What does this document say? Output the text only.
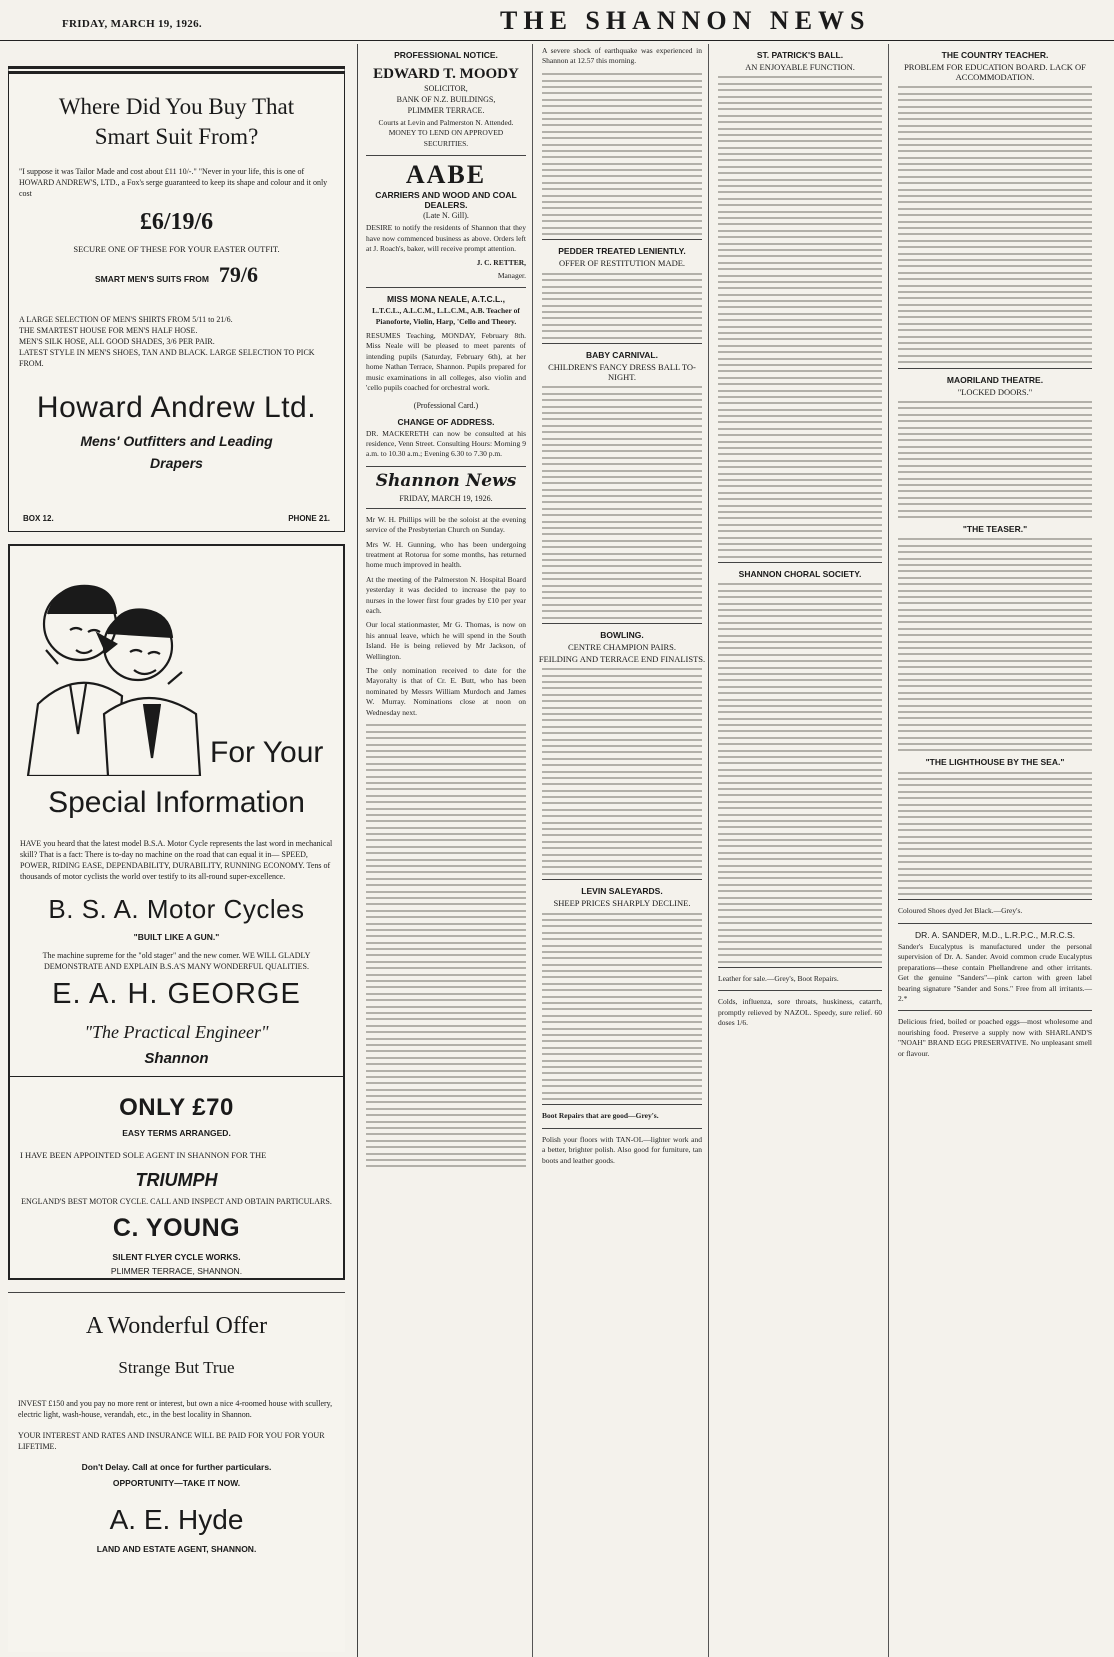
FRIDAY, MARCH 19, 1926.	THE SHANNON NEWS
Where Did You Buy That Smart Suit From?
"I suppose it was Tailor Made and cost about £11 10/-." "Never in your life, this is one of HOWARD ANDREW'S, LTD., a Fox's serge guaranteed to keep its shape and colour and it only cost
£6/19/6
SECURE ONE OF THESE FOR YOUR EASTER OUTFIT.
SMART MEN'S SUITS FROM 79/6
A LARGE SELECTION OF MEN'S SHIRTS FROM 5/11 to 21/6.
THE SMARTEST HOUSE FOR MEN'S HALF HOSE.
MEN'S SILK HOSE, ALL GOOD SHADES, 3/6 PER PAIR.
LATEST STYLE IN MEN'S SHOES, TAN AND BLACK. LARGE SELECTION TO PICK FROM.
Howard Andrew Ltd.
Mens' Outfitters and Leading
Drapers
BOX 12.	PHONE 21.
For Your
Special Information
HAVE you heard that the latest model B.S.A. Motor Cycle represents the last word in mechanical skill? That is a fact: There is to-day no machine on the road that can equal it in— SPEED, POWER, RIDING EASE, DEPENDABILITY, DURABILITY, RUNNING ECONOMY. Tens of thousands of motor cyclists the world over testify to its all-round super-excellence.
B. S. A. Motor Cycles
"BUILT LIKE A GUN."
The machine supreme for the "old stager" and the new comer. WE WILL GLADLY DEMONSTRATE AND EXPLAIN B.S.A'S MANY WONDERFUL QUALITIES.
E. A. H. GEORGE
"The Practical Engineer"
Shannon
ONLY £70
EASY TERMS ARRANGED.
I HAVE BEEN APPOINTED SOLE AGENT IN SHANNON FOR THE
TRIUMPH
ENGLAND'S BEST MOTOR CYCLE. CALL AND INSPECT AND OBTAIN PARTICULARS.
C. YOUNG
SILENT FLYER CYCLE WORKS.
PLIMMER TERRACE, SHANNON.
A Wonderful Offer
Strange But True
INVEST £150 and you pay no more rent or interest, but own a nice 4-roomed house with scullery, electric light, wash-house, verandah, etc., in the best locality in Shannon.
YOUR INTEREST AND RATES AND INSURANCE WILL BE PAID FOR YOU FOR YOUR LIFETIME.
Don't Delay. Call at once for further particulars.
OPPORTUNITY—TAKE IT NOW.
A. E. Hyde
LAND AND ESTATE AGENT, SHANNON.
PROFESSIONAL NOTICE.
EDWARD T. MOODY
SOLICITOR,
BANK OF N.Z. BUILDINGS,
PLIMMER TERRACE.
Courts at Levin and Palmerston N. Attended. MONEY TO LEND ON APPROVED SECURITIES.
AABE
CARRIERS AND WOOD AND COAL DEALERS.
(Late N. Gill).
DESIRE to notify the residents of Shannon that they have now commenced business as above. Orders left at J. Roach's, baker, will receive prompt attention.
J. C. RETTER,
Manager.
MISS MONA NEALE, A.T.C.L.,
L.T.C.L., A.L.C.M., L.L.C.M., A.B. Teacher of Pianoforte, Violin, Harp, 'Cello and Theory.
RESUMES Teaching, MONDAY, February 8th. Miss Neale will be pleased to meet parents of intending pupils (Saturday, February 6th), at her home Nathan Terrace, Shannon. Pupils prepared for music examinations in all colleges, also violin and 'cello pupils coached for orchestral work.
(Professional Card.)
CHANGE OF ADDRESS.
DR. MACKERETH can now be consulted at his residence, Venn Street. Consulting Hours: Morning 9 a.m. to 10.30 a.m.; Evening 6.30 to 7.30 p.m.
Shannon News
FRIDAY, MARCH 19, 1926.
Mr W. H. Phillips will be the soloist at the evening service of the Presbyterian Church on Sunday.
Mrs W. H. Gunning, who has been undergoing treatment at Rotorua for some months, has returned home much improved in health.
At the meeting of the Palmerston N. Hospital Board yesterday it was decided to increase the pay to nurses in the lower first four grades by £10 per year each.
Our local stationmaster, Mr G. Thomas, is now on his annual leave, which he will spend in the South Island. He is being relieved by Mr Jackson, of Wellington.
The only nomination received to date for the Mayoralty is that of Cr. E. Butt, who has been nominated by Messrs William Murdoch and James W. Murray. Nominations close at noon on Wednesday next.
A severe shock of earthquake was experienced in Shannon at 12.57 this morning.
PEDDER TREATED LENIENTLY.
OFFER OF RESTITUTION MADE.
BABY CARNIVAL.
CHILDREN'S FANCY DRESS BALL TO-NIGHT.
BOWLING.
CENTRE CHAMPION PAIRS.
FEILDING AND TERRACE END FINALISTS.
LEVIN SALEYARDS.
SHEEP PRICES SHARPLY DECLINE.
Boot Repairs that are good—Grey's.
Polish your floors with TAN-OL—lighter work and a better, brighter polish. Also good for furniture, tan boots and leather goods.
ST. PATRICK'S BALL.
AN ENJOYABLE FUNCTION.
SHANNON CHORAL SOCIETY.
Leather for sale.—Grey's, Boot Repairs.
Colds, influenza, sore throats, huskiness, catarrh, promptly relieved by NAZOL. Speedy, sure relief. 60 doses 1/6.
THE COUNTRY TEACHER.
PROBLEM FOR EDUCATION BOARD. LACK OF ACCOMMODATION.
MAORILAND THEATRE.
"LOCKED DOORS."
"THE TEASER."
"THE LIGHTHOUSE BY THE SEA."
Coloured Shoes dyed Jet Black.—Grey's.
DR. A. SANDER, M.D., L.R.P.C., M.R.C.S.
Sander's Eucalyptus is manufactured under the personal supervision of Dr. A. Sander. Avoid common crude Eucalyptus preparations—these contain Phellandrene and other irritants. Get the genuine "Sanders"—pink carton with green label bearing signature "Sander and Sons." Free from all irritants.—2.*
Delicious fried, boiled or poached eggs—most wholesome and nourishing food. Preserve a supply now with SHARLAND'S "NOAH" BRAND EGG PRESERVATIVE. No unpleasant smell or flavour.
